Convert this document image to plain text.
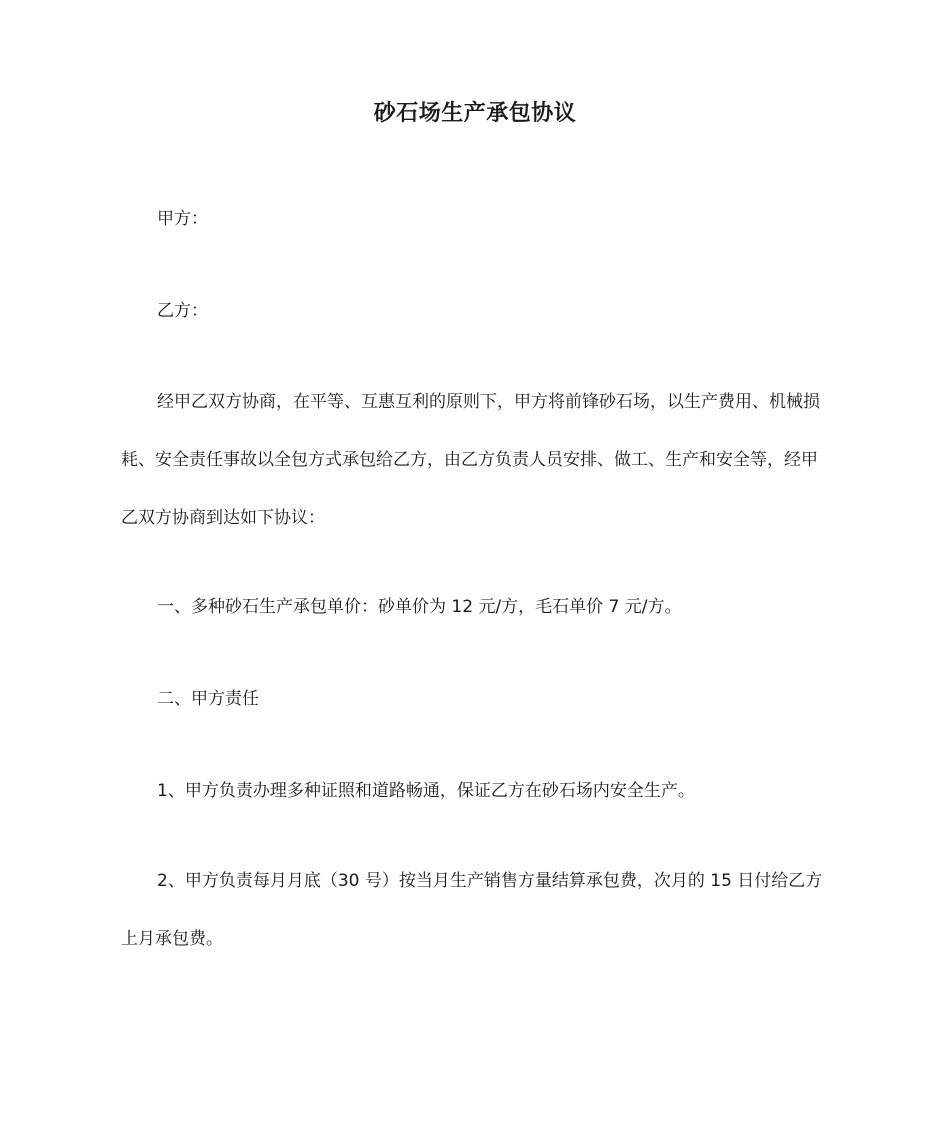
砂石场生产承包协议

甲方：

乙方：

经甲乙双方协商，在平等、互惠互利的原则下，甲方将前锋砂石场，以生产费用、机械损耗、安全责任事故以全包方式承包给乙方，由乙方负责人员安排、做工、生产和安全等，经甲乙双方协商到达如下协议：

一、多种砂石生产承包单价：砂单价为 12 元/方，毛石单价 7 元/方。

二、甲方责任

1、甲方负责办理多种证照和道路畅通，保证乙方在砂石场内安全生产。

2、甲方负责每月月底（30 号）按当月生产销售方量结算承包费，次月的 15 日付给乙方上月承包费。
